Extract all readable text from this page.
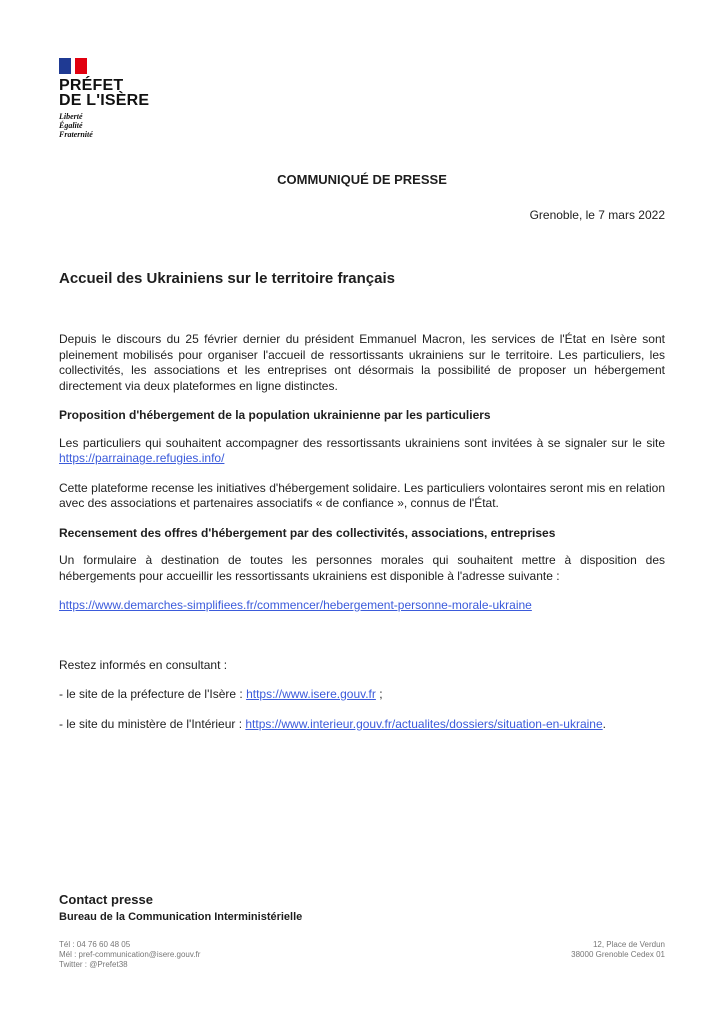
PRÉFET
DE L'ISÈRE
Liberté
Égalité
Fraternité
COMMUNIQUÉ DE PRESSE
Grenoble, le 7 mars 2022
Accueil des Ukrainiens sur le territoire français

Depuis le discours du 25 février dernier du président Emmanuel Macron, les services de l'État en Isère sont pleinement mobilisés pour organiser l'accueil de ressortissants ukrainiens sur le territoire. Les particuliers, les collectivités, les associations et les entreprises ont désormais la possibilité de proposer un hébergement directement via deux plateformes en ligne distinctes.

Proposition d'hébergement de la population ukrainienne par les particuliers

Les particuliers qui souhaitent accompagner des ressortissants ukrainiens sont invitées à se signaler sur le site https://parrainage.refugies.info/

Cette plateforme recense les initiatives d'hébergement solidaire. Les particuliers volontaires seront mis en relation avec des associations et partenaires associatifs « de confiance », connus de l'État.

Recensement des offres d'hébergement par des collectivités, associations, entreprises

Un formulaire à destination de toutes les personnes morales qui souhaitent mettre à disposition des hébergements pour accueillir les ressortissants ukrainiens est disponible à l'adresse suivante :

https://www.demarches-simplifiees.fr/commencer/hebergement-personne-morale-ukraine

Restez informés en consultant :

- le site de la préfecture de l'Isère : https://www.isere.gouv.fr ;

- le site du ministère de l'Intérieur : https://www.interieur.gouv.fr/actualites/dossiers/situation-en-ukraine.

Contact presse
Bureau de la Communication Interministérielle
Tél : 04 76 60 48 05
Mél : pref-communication@isere.gouv.fr
Twitter : @Prefet38
12, Place de Verdun
38000 Grenoble Cedex 01
